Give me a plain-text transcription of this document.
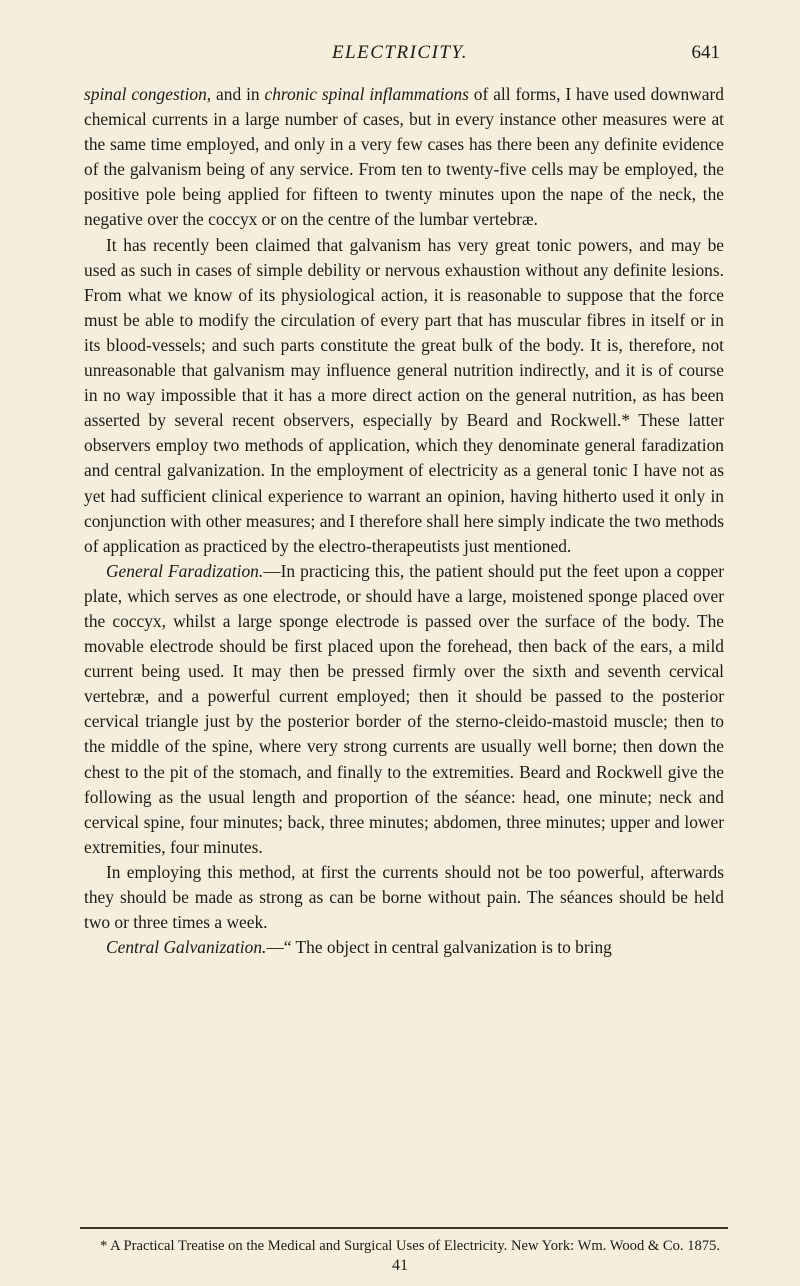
ELECTRICITY.	641

spinal congestion, and in chronic spinal inflammations of all forms, I have used downward chemical currents in a large number of cases, but in every instance other measures were at the same time employed, and only in a very few cases has there been any definite evidence of the galvanism being of any service. From ten to twenty-five cells may be employed, the positive pole being applied for fifteen to twenty minutes upon the nape of the neck, the negative over the coccyx or on the centre of the lumbar vertebræ.

It has recently been claimed that galvanism has very great tonic powers, and may be used as such in cases of simple debility or nervous exhaustion without any definite lesions. From what we know of its physiological action, it is reasonable to suppose that the force must be able to modify the circulation of every part that has muscular fibres in itself or in its blood-vessels; and such parts constitute the great bulk of the body. It is, therefore, not unreasonable that galvanism may influence general nutrition indirectly, and it is of course in no way impossible that it has a more direct action on the general nutrition, as has been asserted by several recent observers, especially by Beard and Rockwell.* These latter observers employ two methods of application, which they denominate general faradization and central galvanization. In the employment of electricity as a general tonic I have not as yet had sufficient clinical experience to warrant an opinion, having hitherto used it only in conjunction with other measures; and I therefore shall here simply indicate the two methods of application as practiced by the electro-therapeutists just mentioned.

General Faradization.—In practicing this, the patient should put the feet upon a copper plate, which serves as one electrode, or should have a large, moistened sponge placed over the coccyx, whilst a large sponge electrode is passed over the surface of the body. The movable electrode should be first placed upon the forehead, then back of the ears, a mild current being used. It may then be pressed firmly over the sixth and seventh cervical vertebræ, and a powerful current employed; then it should be passed to the posterior cervical triangle just by the posterior border of the sterno-cleido-mastoid muscle; then to the middle of the spine, where very strong currents are usually well borne; then down the chest to the pit of the stomach, and finally to the extremities. Beard and Rockwell give the following as the usual length and proportion of the séance: head, one minute; neck and cervical spine, four minutes; back, three minutes; abdomen, three minutes; upper and lower extremities, four minutes.

In employing this method, at first the currents should not be too powerful, afterwards they should be made as strong as can be borne without pain. The séances should be held two or three times a week.

Central Galvanization.—“ The object in central galvanization is to bring

* A Practical Treatise on the Medical and Surgical Uses of Electricity. New York: Wm. Wood & Co. 1875.
41
